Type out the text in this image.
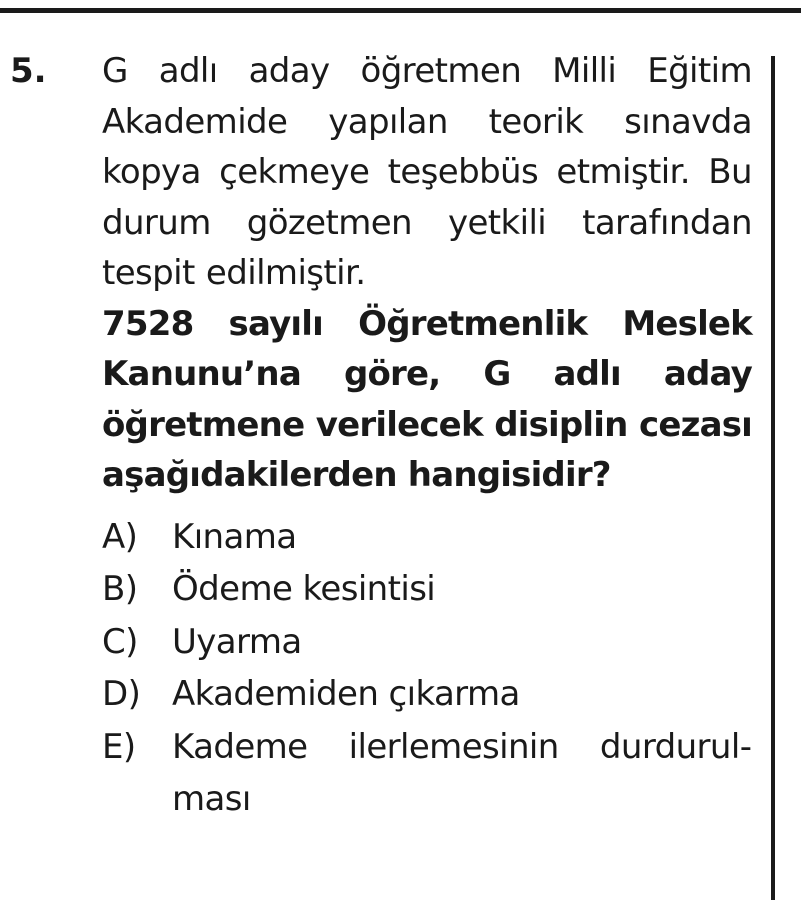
5. G adlı aday öğretmen Milli Eğitim Akademide yapılan teorik sınavda kopya çekmeye teşebbüs etmiştir. Bu durum gözetmen yetkili tarafından tespit edilmiştir.

7528 sayılı Öğretmenlik Meslek Kanunu’na göre, G adlı aday öğretmene verilecek disiplin cezası aşağıdakilerden hangisidir?

A)	Kınama
B)	Ödeme kesintisi
C)	Uyarma
D) Akademiden çıkarma
E)	Kademe ilerlemesinin durdurulması
